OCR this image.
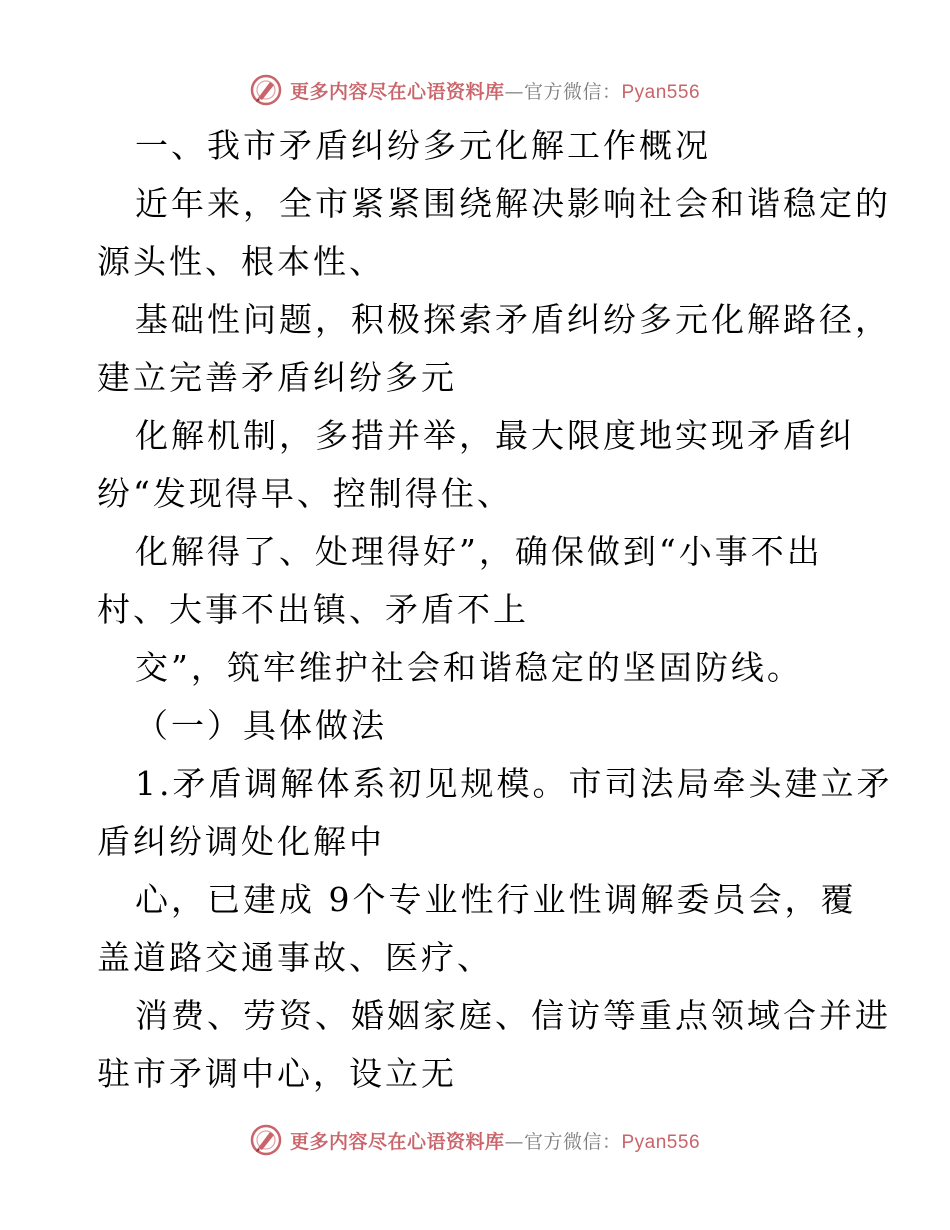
更多内容尽在心语资料库—官方微信：Pyan556
一、我市矛盾纠纷多元化解工作概况
近年来，全市紧紧围绕解决影响社会和谐稳定的
源头性、根本性、
基础性问题，积极探索矛盾纠纷多元化解路径，
建立完善矛盾纠纷多元
化解机制，多措并举，最大限度地实现矛盾纠
纷“发现得早、控制得住、
化解得了、处理得好”，确保做到“小事不出
村、大事不出镇、矛盾不上
交”，筑牢维护社会和谐稳定的坚固防线。
（一）具体做法
1.矛盾调解体系初见规模。市司法局牵头建立矛
盾纠纷调处化解中
心，已建成 9个专业性行业性调解委员会，覆
盖道路交通事故、医疗、
消费、劳资、婚姻家庭、信访等重点领域合并进
驻市矛调中心，设立无
更多内容尽在心语资料库—官方微信：Pyan556
